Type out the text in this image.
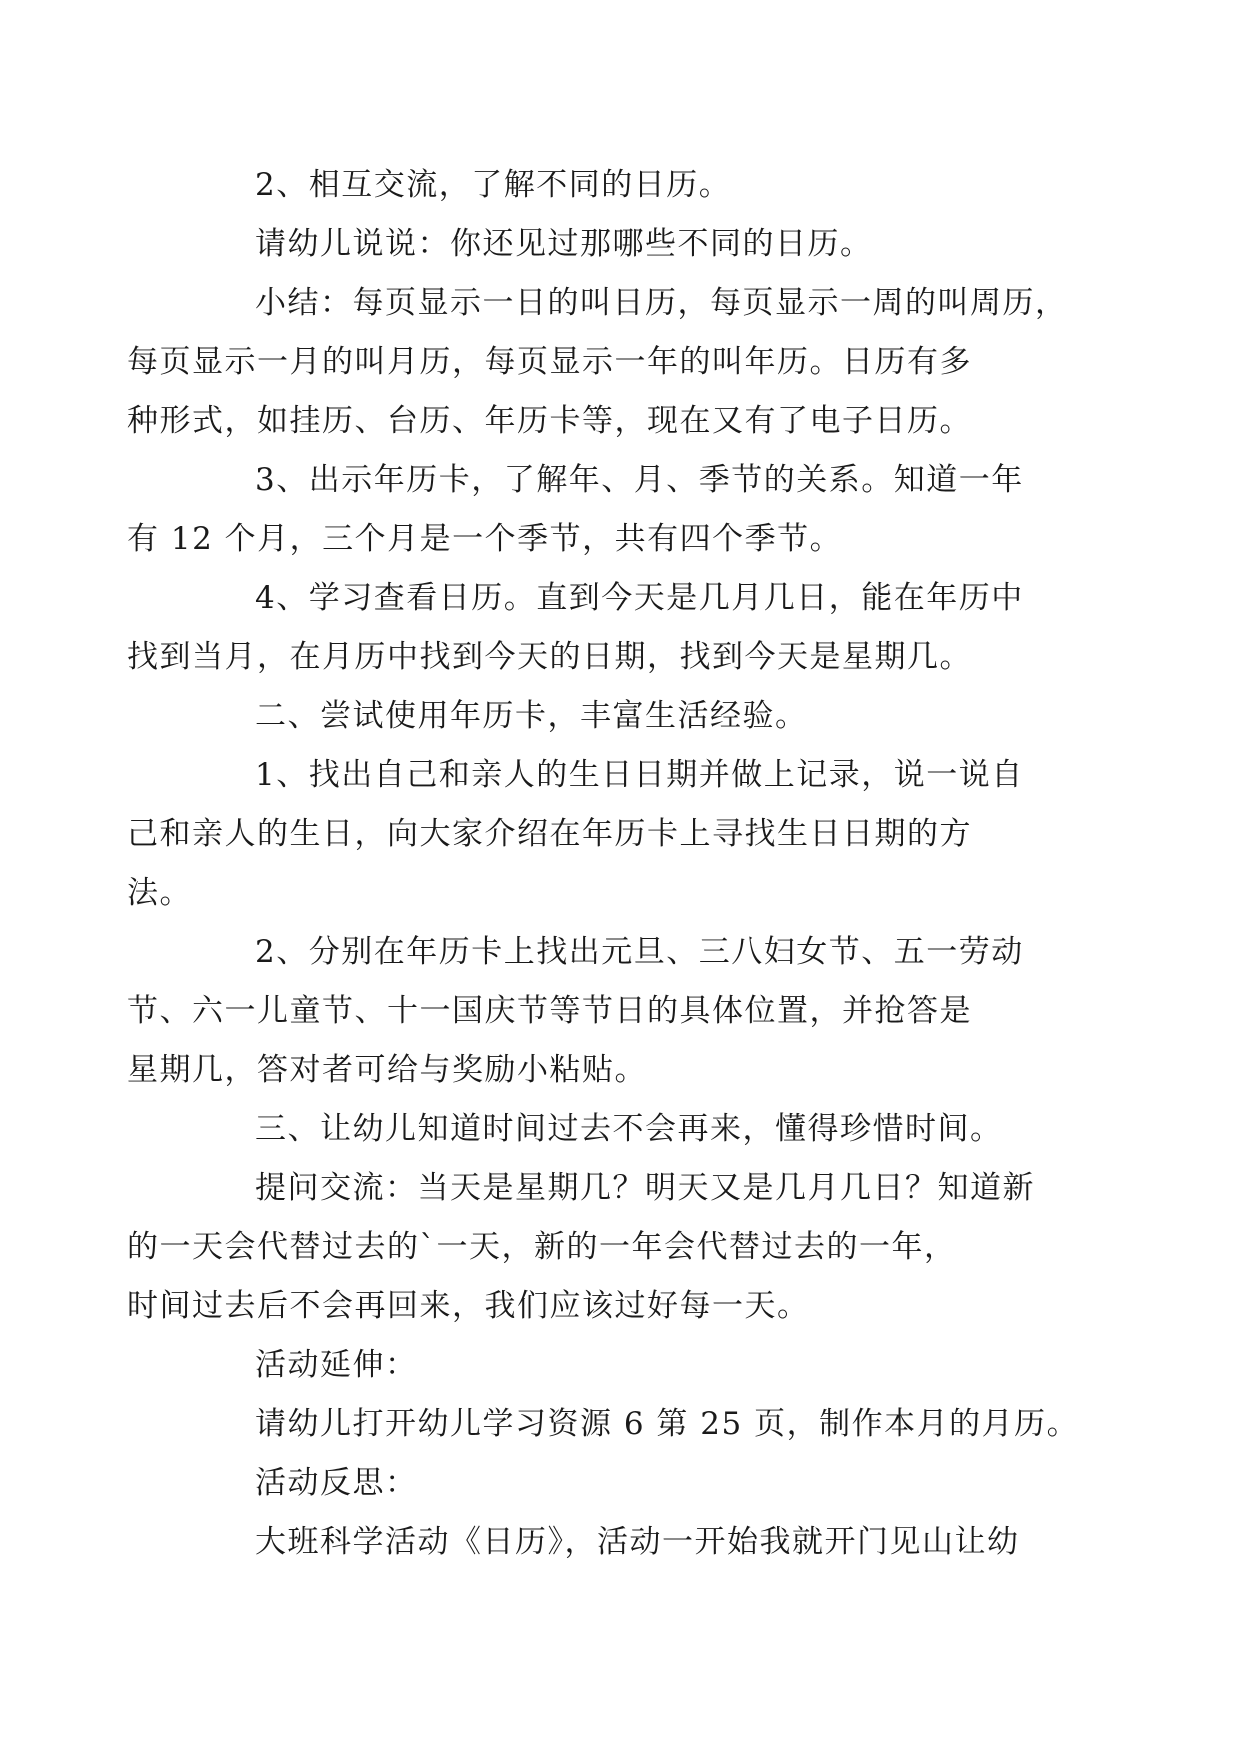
2、相互交流，了解不同的日历。

请幼儿说说：你还见过那哪些不同的日历。

小结：每页显示一日的叫日历，每页显示一周的叫周历，
每页显示一月的叫月历，每页显示一年的叫年历。日历有多
种形式，如挂历、台历、年历卡等，现在又有了电子日历。

3、出示年历卡，了解年、月、季节的关系。知道一年
有 12 个月，三个月是一个季节，共有四个季节。

4、学习查看日历。直到今天是几月几日，能在年历中
找到当月，在月历中找到今天的日期，找到今天是星期几。

二、尝试使用年历卡，丰富生活经验。

1、找出自己和亲人的生日日期并做上记录，说一说自
己和亲人的生日，向大家介绍在年历卡上寻找生日日期的方
法。

2、分别在年历卡上找出元旦、三八妇女节、五一劳动
节、六一儿童节、十一国庆节等节日的具体位置，并抢答是
星期几，答对者可给与奖励小粘贴。

三、让幼儿知道时间过去不会再来，懂得珍惜时间。

提问交流：当天是星期几？明天又是几月几日？知道新
的一天会代替过去的`一天，新的一年会代替过去的一年，
时间过去后不会再回来，我们应该过好每一天。

活动延伸：

请幼儿打开幼儿学习资源 6 第 25 页，制作本月的月历。

活动反思：

大班科学活动《日历》，活动一开始我就开门见山让幼
